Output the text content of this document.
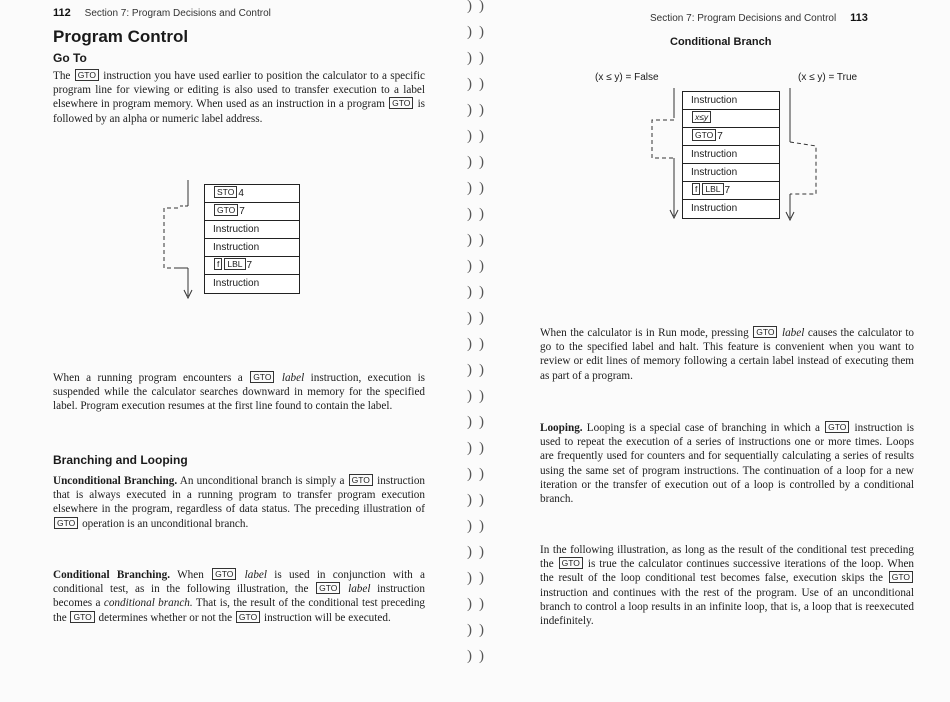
112 Section 7: Program Decisions and Control
Program Control
Go To
The GTO instruction you have used earlier to position the calculator to a specific program line for viewing or editing is also used to transfer execution to a label elsewhere in program memory. When used as an instruction in a program GTO is followed by an alpha or numeric label address.
STO 4
GTO 7
Instruction
Instruction
f LBL 7
Instruction
When a running program encounters a GTO label instruction, execution is suspended while the calculator searches downward in memory for the specified label. Program execution resumes at the first line found to contain the label.
Branching and Looping
Unconditional Branching. An unconditional branch is simply a GTO instruction that is always executed in a running program to transfer program execution elsewhere in the program, regardless of data status. The preceding illustration of GTO operation is an unconditional branch.
Conditional Branching. When GTO label is used in conjunction with a conditional test, as in the following illustration, the GTO label instruction becomes a conditional branch. That is, the result of the conditional test preceding the GTO determines whether or not the GTO instruction will be executed.
) )
) )
) )
) )
) )
) )
) )
) )
) )
) )
) )
) )
) )
) )
) )
) )
) )
) )
) )
) )
) )
) )
) )
) )
) )
) )
Section 7: Program Decisions and Control 113
Conditional Branch
(x ≤ y) = False	(x ≤ y) = True
Instruction
x≤y
GTO 7
Instruction
Instruction
f LBL 7
Instruction
When the calculator is in Run mode, pressing GTO label causes the calculator to go to the specified label and halt. This feature is convenient when you want to review or edit lines of memory following a certain label instead of executing them as part of a program.
Looping. Looping is a special case of branching in which a GTO instruction is used to repeat the execution of a series of instructions one or more times. Loops are frequently used for counters and for sequentially calculating a series of results using the same set of program instructions. The continuation of a loop for a new iteration or the transfer of execution out of a loop is controlled by a conditional branch.
In the following illustration, as long as the result of the conditional test preceding the GTO is true the calculator continues successive iterations of the loop. When the result of the loop conditional test becomes false, execution skips the GTO instruction and continues with the rest of the program. Use of an unconditional branch to control a loop results in an infinite loop, that is, a loop that is reexecuted indefinitely.
